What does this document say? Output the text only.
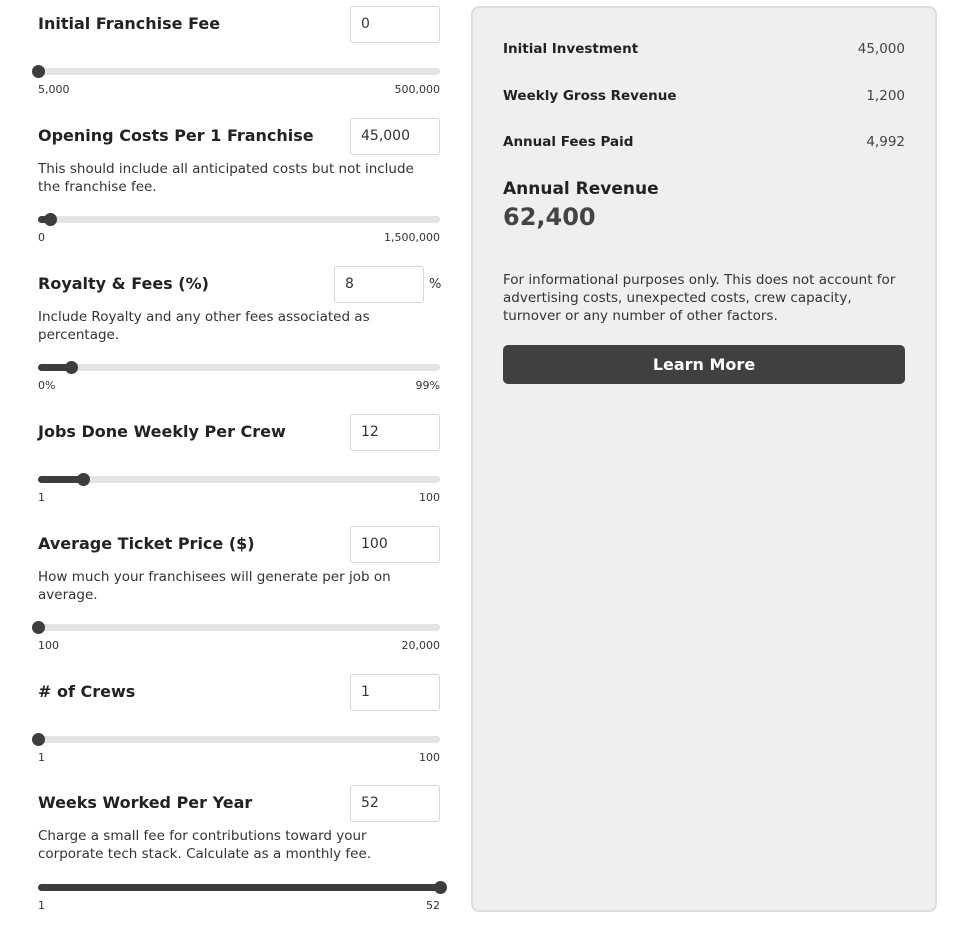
Initial Franchise Fee	0
5,000	500,000
Opening Costs Per 1 Franchise	45,000
This should include all anticipated costs but not include the franchise fee.
0	1,500,000
Royalty & Fees (%)	8	%
Include Royalty and any other fees associated as percentage.
0%	99%
Jobs Done Weekly Per Crew	12
1	100
Average Ticket Price ($)	100
How much your franchisees will generate per job on average.
100	20,000
# of Crews	1
1	100
Weeks Worked Per Year	52
Charge a small fee for contributions toward your corporate tech stack. Calculate as a monthly fee.
1	52
Initial Investment	45,000
Weekly Gross Revenue	1,200
Annual Fees Paid	4,992
Annual Revenue
62,400
For informational purposes only. This does not account for advertising costs, unexpected costs, crew capacity, turnover or any number of other factors.
Learn More
